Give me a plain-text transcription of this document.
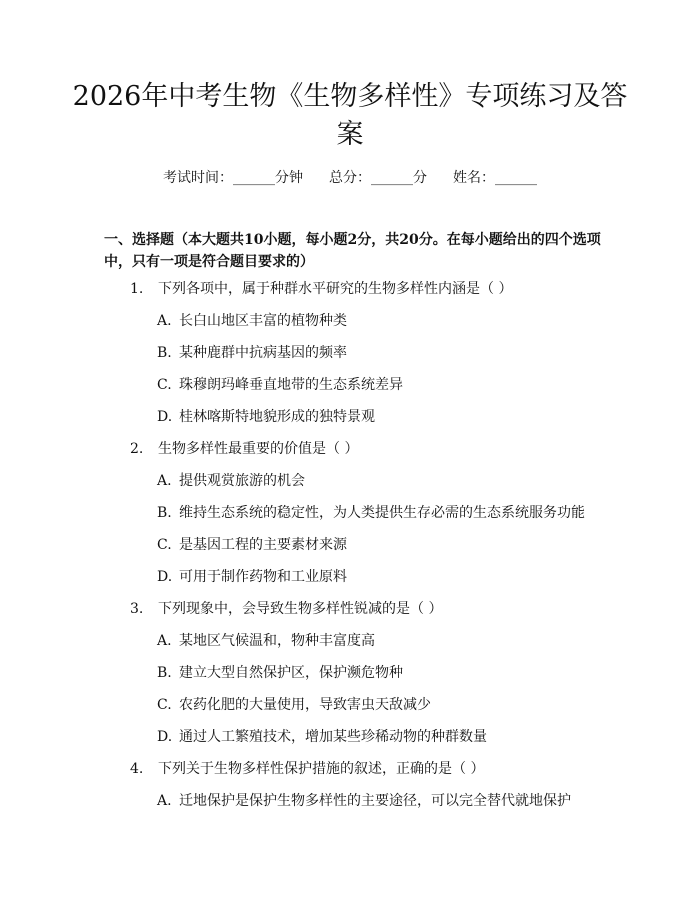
2026年中考生物《生物多样性》专项练习及答案
考试时间：______分钟 总分：______分 姓名：______

一、选择题（本大题共10小题，每小题2分，共20分。在每小题给出的四个选项中，只有一项是符合题目要求的）

1. 下列各项中，属于种群水平研究的生物多样性内涵是（ ）
A. 长白山地区丰富的植物种类
B. 某种鹿群中抗病基因的频率
C. 珠穆朗玛峰垂直地带的生态系统差异
D. 桂林喀斯特地貌形成的独特景观
2. 生物多样性最重要的价值是（ ）
A. 提供观赏旅游的机会
B. 维持生态系统的稳定性，为人类提供生存必需的生态系统服务功能
C. 是基因工程的主要素材来源
D. 可用于制作药物和工业原料
3. 下列现象中，会导致生物多样性锐减的是（ ）
A. 某地区气候温和，物种丰富度高
B. 建立大型自然保护区，保护濒危物种
C. 农药化肥的大量使用，导致害虫天敌减少
D. 通过人工繁殖技术，增加某些珍稀动物的种群数量
4. 下列关于生物多样性保护措施的叙述，正确的是（ ）
A. 迁地保护是保护生物多样性的主要途径，可以完全替代就地保护
